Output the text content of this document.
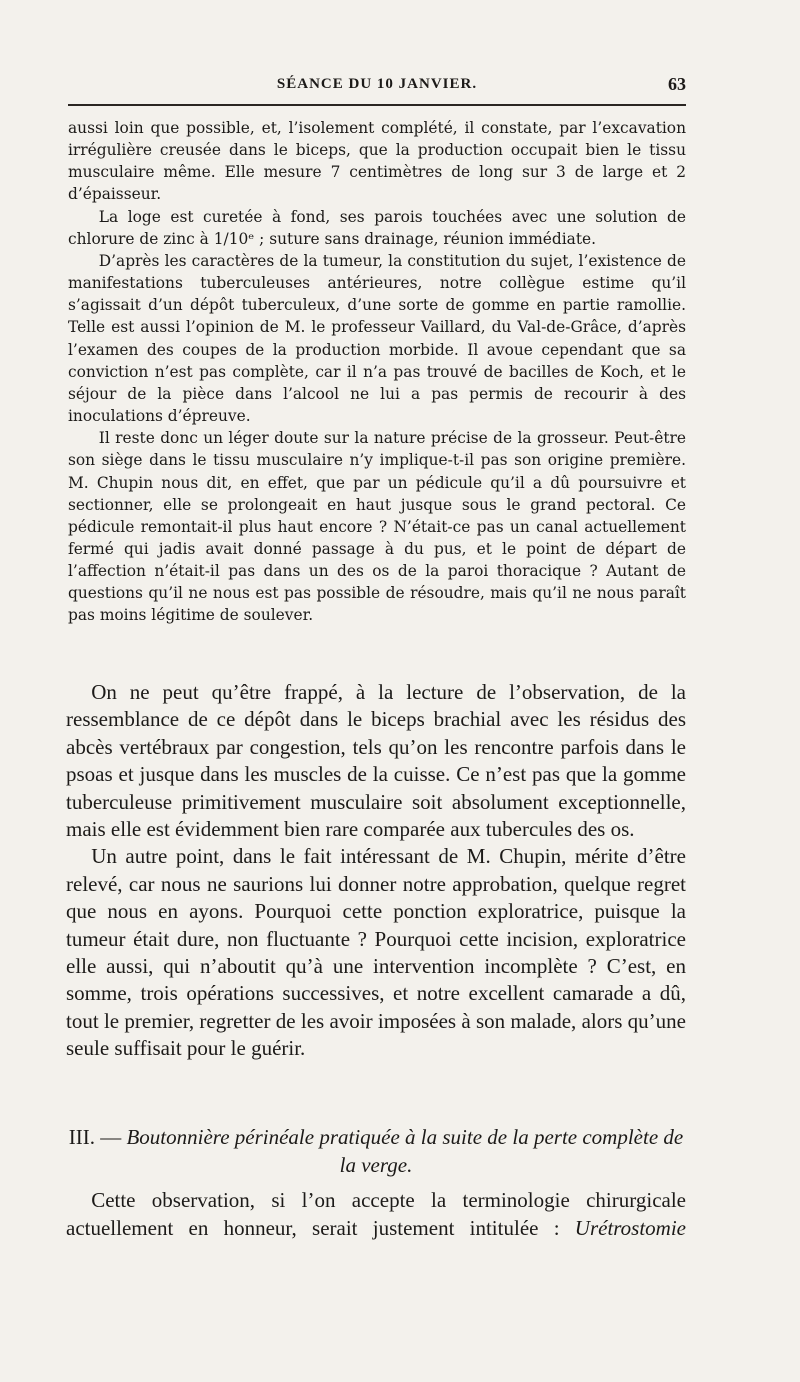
SÉANCE DU 10 JANVIER.	63

aussi loin que possible, et, l’isolement complété, il constate, par l’excavation irrégulière creusée dans le biceps, que la production occupait bien le tissu musculaire même. Elle mesure 7 centimètres de long sur 3 de large et 2 d’épaisseur.

La loge est curetée à fond, ses parois touchées avec une solution de chlorure de zinc à 1/10ᵉ ; suture sans drainage, réunion immédiate.

D’après les caractères de la tumeur, la constitution du sujet, l’existence de manifestations tuberculeuses antérieures, notre collègue estime qu’il s’agissait d’un dépôt tuberculeux, d’une sorte de gomme en partie ramollie. Telle est aussi l’opinion de M. le professeur Vaillard, du Val-de-Grâce, d’après l’examen des coupes de la production morbide. Il avoue cependant que sa conviction n’est pas complète, car il n’a pas trouvé de bacilles de Koch, et le séjour de la pièce dans l’alcool ne lui a pas permis de recourir à des inoculations d’épreuve.

Il reste donc un léger doute sur la nature précise de la grosseur. Peut-être son siège dans le tissu musculaire n’y implique-t-il pas son origine première. M. Chupin nous dit, en effet, que par un pédicule qu’il a dû poursuivre et sectionner, elle se prolongeait en haut jusque sous le grand pectoral. Ce pédicule remontait-il plus haut encore ? N’était-ce pas un canal actuellement fermé qui jadis avait donné passage à du pus, et le point de départ de l’affection n’était-il pas dans un des os de la paroi thoracique ? Autant de questions qu’il ne nous est pas possible de résoudre, mais qu’il ne nous paraît pas moins légitime de soulever.

On ne peut qu’être frappé, à la lecture de l’observation, de la ressemblance de ce dépôt dans le biceps brachial avec les résidus des abcès vertébraux par congestion, tels qu’on les rencontre parfois dans le psoas et jusque dans les muscles de la cuisse. Ce n’est pas que la gomme tuberculeuse primitivement musculaire soit absolument exceptionnelle, mais elle est évidemment bien rare comparée aux tubercules des os.

Un autre point, dans le fait intéressant de M. Chupin, mérite d’être relevé, car nous ne saurions lui donner notre approbation, quelque regret que nous en ayons. Pourquoi cette ponction exploratrice, puisque la tumeur était dure, non fluctuante ? Pourquoi cette incision, exploratrice elle aussi, qui n’aboutit qu’à une intervention incomplète ? C’est, en somme, trois opérations successives, et notre excellent camarade a dû, tout le premier, regretter de les avoir imposées à son malade, alors qu’une seule suffisait pour le guérir.

III. — Boutonnière périnéale pratiquée à la suite de la perte complète de la verge.

Cette observation, si l’on accepte la terminologie chirurgicale actuellement en honneur, serait justement intitulée : Urétrostomie
